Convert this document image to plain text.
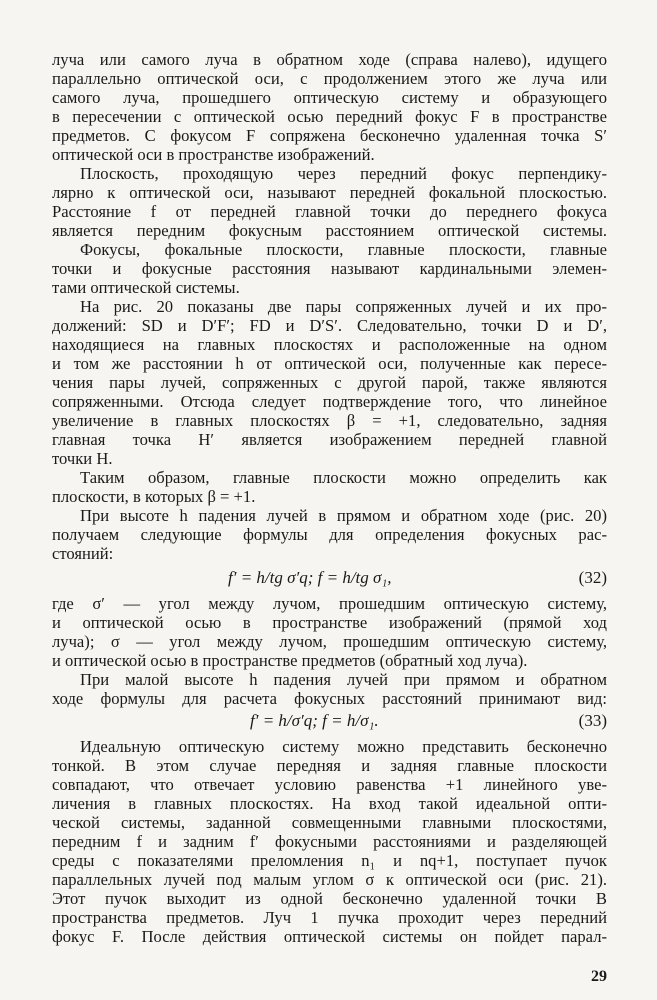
луча или самого луча в обратном ходе (справа налево), идущего
параллельно оптической оси, с продолжением этого же луча или
самого луча, прошедшего оптическую систему и образующего
в пересечении с оптической осью передний фокус F в пространстве
предметов. С фокусом F сопряжена бесконечно удаленная точка S′
оптической оси в пространстве изображений.
Плоскость, проходящую через передний фокус перпендику-
лярно к оптической оси, называют передней фокальной плоскостью.
Расстояние f от передней главной точки до переднего фокуса
является передним фокусным расстоянием оптической системы.
Фокусы, фокальные плоскости, главные плоскости, главные
точки и фокусные расстояния называют кардинальными элемен-
тами оптической системы.
На рис. 20 показаны две пары сопряженных лучей и их про-
должений: SD и D′F′; FD и D′S′. Следовательно, точки D и D′,
находящиеся на главных плоскостях и расположенные на одном
и том же расстоянии h от оптической оси, полученные как пересе-
чения пары лучей, сопряженных с другой парой, также являются
сопряженными. Отсюда следует подтверждение того, что линейное
увеличение в главных плоскостях β = +1, следовательно, задняя
главная точка H′ является изображением передней главной
точки H.
Таким образом, главные плоскости можно определить как
плоскости, в которых β = +1.
При высоте h падения лучей в прямом и обратном ходе (рис. 20)
получаем следующие формулы для определения фокусных рас-
стояний:
f′ = h/tg σ′q; f = h/tg σ₁,	(32)
где σ′ — угол между лучом, прошедшим оптическую систему,
и оптической осью в пространстве изображений (прямой ход
луча); σ — угол между лучом, прошедшим оптическую систему,
и оптической осью в пространстве предметов (обратный ход луча).
При малой высоте h падения лучей при прямом и обратном
ходе формулы для расчета фокусных расстояний принимают вид:
f′ = h/σ′q; f = h/σ₁.	(33)
Идеальную оптическую систему можно представить бесконечно
тонкой. В этом случае передняя и задняя главные плоскости
совпадают, что отвечает условию равенства +1 линейного уве-
личения в главных плоскостях. На вход такой идеальной опти-
ческой системы, заданной совмещенными главными плоскостями,
передним f и задним f′ фокусными расстояниями и разделяющей
среды с показателями преломления n₁ и nq+1, поступает пучок
параллельных лучей под малым углом σ к оптической оси (рис. 21).
Этот пучок выходит из одной бесконечно удаленной точки B
пространства предметов. Луч 1 пучка проходит через передний
фокус F. После действия оптической системы он пойдет парал-
29
